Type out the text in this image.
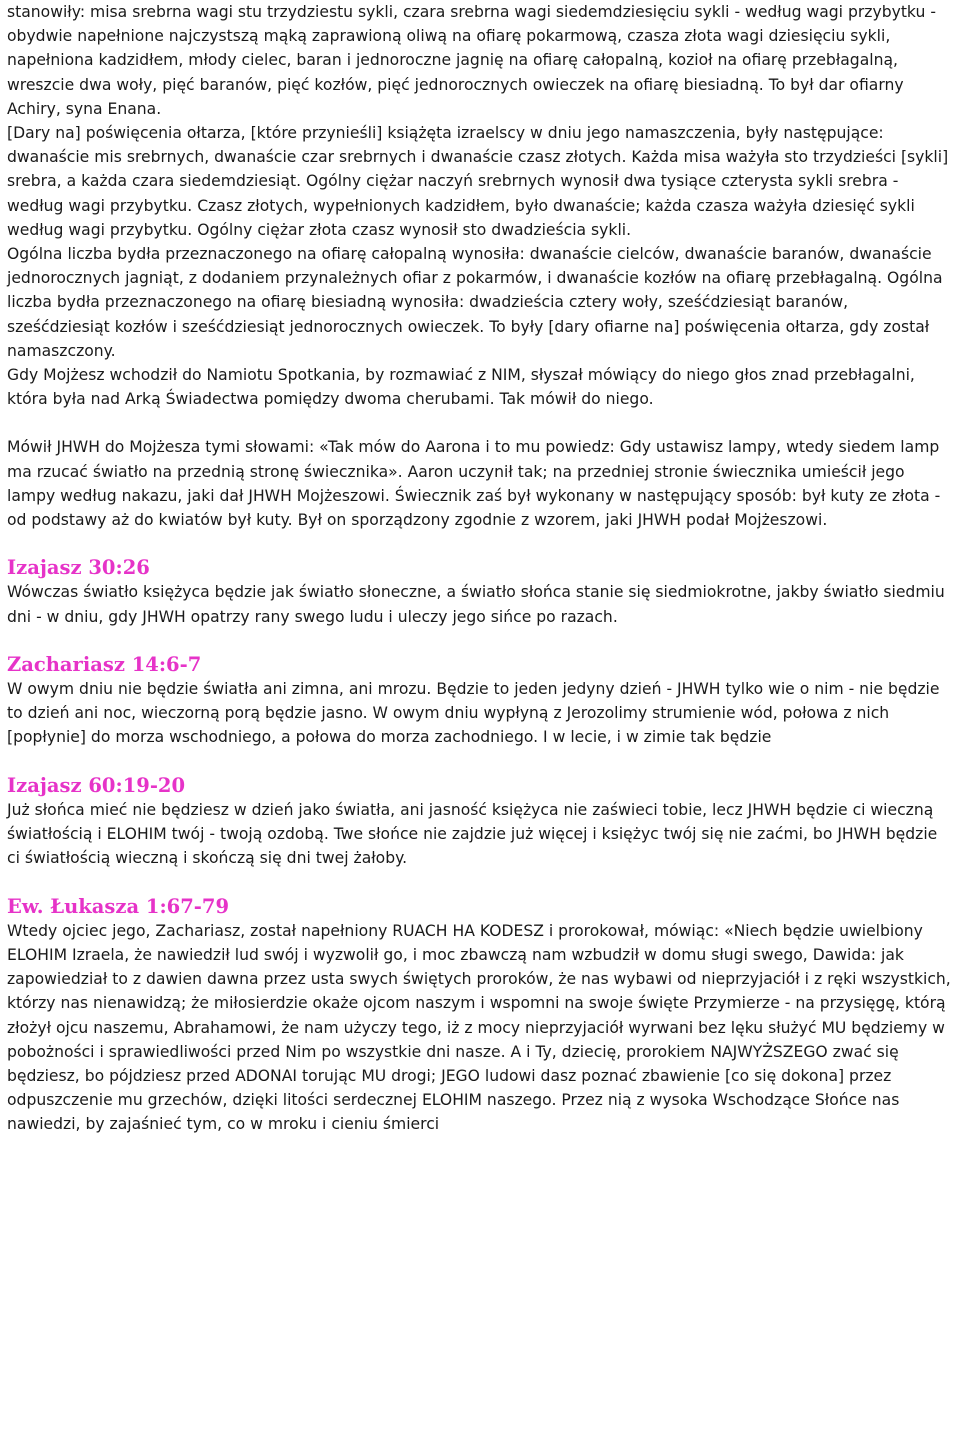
stanowiły: misa srebrna wagi stu trzydziestu sykli, czara srebrna wagi siedemdziesięciu sykli - według wagi przybytku - obydwie napełnione najczystszą mąką zaprawioną oliwą na ofiarę pokarmową, czasza złota wagi dziesięciu sykli, napełniona kadzidłem, młody cielec, baran i jednoroczne jagnię na ofiarę całopalną, kozioł na ofiarę przebłagalną, wreszcie dwa woły, pięć baranów, pięć kozłów, pięć jednorocznych owieczek na ofiarę biesiadną. To był dar ofiarny Achiry, syna Enana.

[Dary na] poświęcenia ołtarza, [które przynieśli] książęta izraelscy w dniu jego namaszczenia, były następujące: dwanaście mis srebrnych, dwanaście czar srebrnych i dwanaście czasz złotych. Każda misa ważyła sto trzydzieści [sykli] srebra, a każda czara siedemdziesiąt. Ogólny ciężar naczyń srebrnych wynosił dwa tysiące czterysta sykli srebra - według wagi przybytku. Czasz złotych, wypełnionych kadzidłem, było dwanaście; każda czasza ważyła dziesięć sykli według wagi przybytku. Ogólny ciężar złota czasz wynosił sto dwadzieścia sykli.

Ogólna liczba bydła przeznaczonego na ofiarę całopalną wynosiła: dwanaście cielców, dwanaście baranów, dwanaście jednorocznych jagniąt, z dodaniem przynależnych ofiar z pokarmów, i dwanaście kozłów na ofiarę przebłagalną. Ogólna liczba bydła przeznaczonego na ofiarę biesiadną wynosiła: dwadzieścia cztery woły, sześćdziesiąt baranów, sześćdziesiąt kozłów i sześćdziesiąt jednorocznych owieczek. To były [dary ofiarne na] poświęcenia ołtarza, gdy został namaszczony.

Gdy Mojżesz wchodził do Namiotu Spotkania, by rozmawiać z NIM, słyszał mówiący do niego głos znad przebłagalni, która była nad Arką Świadectwa pomiędzy dwoma cherubami. Tak mówił do niego.

Mówił JHWH do Mojżesza tymi słowami: «Tak mów do Aarona i to mu powiedz: Gdy ustawisz lampy, wtedy siedem lamp ma rzucać światło na przednią stronę świecznika». Aaron uczynił tak; na przedniej stronie świecznika umieścił jego lampy według nakazu, jaki dał JHWH Mojżeszowi. Świecznik zaś był wykonany w następujący sposób: był kuty ze złota - od podstawy aż do kwiatów był kuty. Był on sporządzony zgodnie z wzorem, jaki JHWH podał Mojżeszowi.

Izajasz 30:26

Wówczas światło księżyca będzie jak światło słoneczne, a światło słońca stanie się siedmiokrotne, jakby światło siedmiu dni - w dniu, gdy JHWH opatrzy rany swego ludu i uleczy jego sińce po razach.

Zachariasz 14:6-7

W owym dniu nie będzie światła ani zimna, ani mrozu. Będzie to jeden jedyny dzień - JHWH tylko wie o nim - nie będzie to dzień ani noc, wieczorną porą będzie jasno. W owym dniu wypłyną z Jerozolimy strumienie wód, połowa z nich [popłynie] do morza wschodniego, a połowa do morza zachodniego. I w lecie, i w zimie tak będzie

Izajasz 60:19-20

Już słońca mieć nie będziesz w dzień jako światła, ani jasność księżyca nie zaświeci tobie, lecz JHWH będzie ci wieczną światłością i ELOHIM twój - twoją ozdobą. Twe słońce nie zajdzie już więcej i księżyc twój się nie zaćmi, bo JHWH będzie ci światłością wieczną i skończą się dni twej żałoby.

Ew. Łukasza 1:67-79

Wtedy ojciec jego, Zachariasz, został napełniony RUACH HA KODESZ i prorokował, mówiąc: «Niech będzie uwielbiony ELOHIM Izraela, że nawiedził lud swój i wyzwolił go, i moc zbawczą nam wzbudził w domu sługi swego, Dawida: jak zapowiedział to z dawien dawna przez usta swych świętych proroków, że nas wybawi od nieprzyjaciół i z ręki wszystkich, którzy nas nienawidzą; że miłosierdzie okaże ojcom naszym i wspomni na swoje święte Przymierze - na przysięgę, którą złożył ojcu naszemu, Abrahamowi, że nam użyczy tego, iż z mocy nieprzyjaciół wyrwani bez lęku służyć MU będziemy w pobożności i sprawiedliwości przed Nim po wszystkie dni nasze. A i Ty, dziecię, prorokiem NAJWYŻSZEGO zwać się będziesz, bo pójdziesz przed ADONAI torując MU drogi; JEGO ludowi dasz poznać zbawienie [co się dokona] przez odpuszczenie mu grzechów, dzięki litości serdecznej ELOHIM naszego. Przez nią z wysoka Wschodzące Słońce nas nawiedzi, by zajaśnieć tym, co w mroku i cieniu śmierci
